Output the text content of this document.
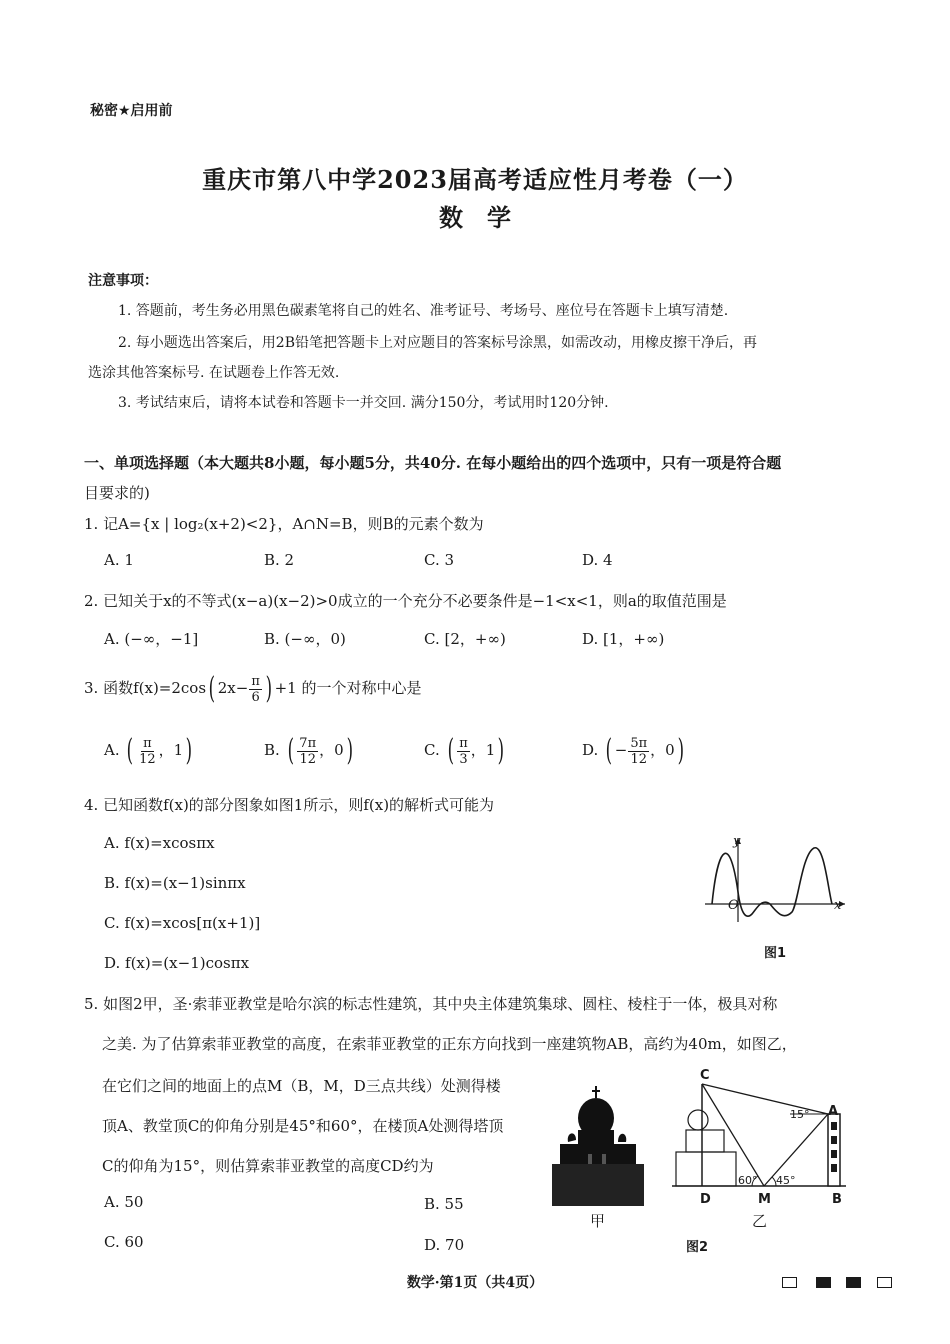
秘密★启用前
重庆市第八中学2023届高考适应性月考卷（一）
数　学
注意事项：
1. 答题前，考生务必用黑色碳素笔将自己的姓名、准考证号、考场号、座位号在答题卡上填写清楚.
2. 每小题选出答案后，用2B铅笔把答题卡上对应题目的答案标号涂黑，如需改动，用橡皮擦干净后，再
选涂其他答案标号. 在试题卷上作答无效.
3. 考试结束后，请将本试卷和答题卡一并交回. 满分150分，考试用时120分钟.
一、单项选择题（本大题共8小题，每小题5分，共40分. 在每小题给出的四个选项中，只有一项是符合题
目要求的)
1. 记A={x | log₂(x+2)<2}，A∩N=B，则B的元素个数为
A. 1	B. 2	C. 3	D. 4
2. 已知关于x的不等式(x−a)(x−2)>0成立的一个充分不必要条件是−1<x<1，则a的取值范围是
A. (−∞，−1]	B. (−∞，0)	C. [2，+∞)	D. [1，+∞)
3. 函数f(x)=2cos( $2x- \frac{\pi}{6}$ ) +1 的一个对称中心是
A. ( $\frac{\pi}{12}$ ，1)	B. ( $\frac{7\pi}{12}$ ，0)	C. ( $\frac{\pi}{3}$ ，1)	D. ( − $\frac{5\pi}{12}$ ，0)
4. 已知函数f(x)的部分图象如图1所示，则f(x)的解析式可能为
A. f(x)=xcosπx
B. f(x)=(x−1)sinπx
C. f(x)=xcos[π(x+1)]
D. f(x)=(x−1)cosπx
y
x
O
图1
5. 如图2甲，圣·索菲亚教堂是哈尔滨的标志性建筑，其中央主体建筑集球、圆柱、棱柱于一体，极具对称
之美. 为了估算索菲亚教堂的高度，在索菲亚教堂的正东方向找到一座建筑物AB，高约为40m，如图乙，
在它们之间的地面上的点M（B，M，D三点共线）处测得楼
顶A、教堂顶C的仰角分别是45°和60°，在楼顶A处测得塔顶
C的仰角为15°，则估算索菲亚教堂的高度CD约为
A. 50	B. 55
C. 60	D. 70
甲
C
A
D	M	B
15°
60° 45°
乙
图2
数学·第1页（共4页）
